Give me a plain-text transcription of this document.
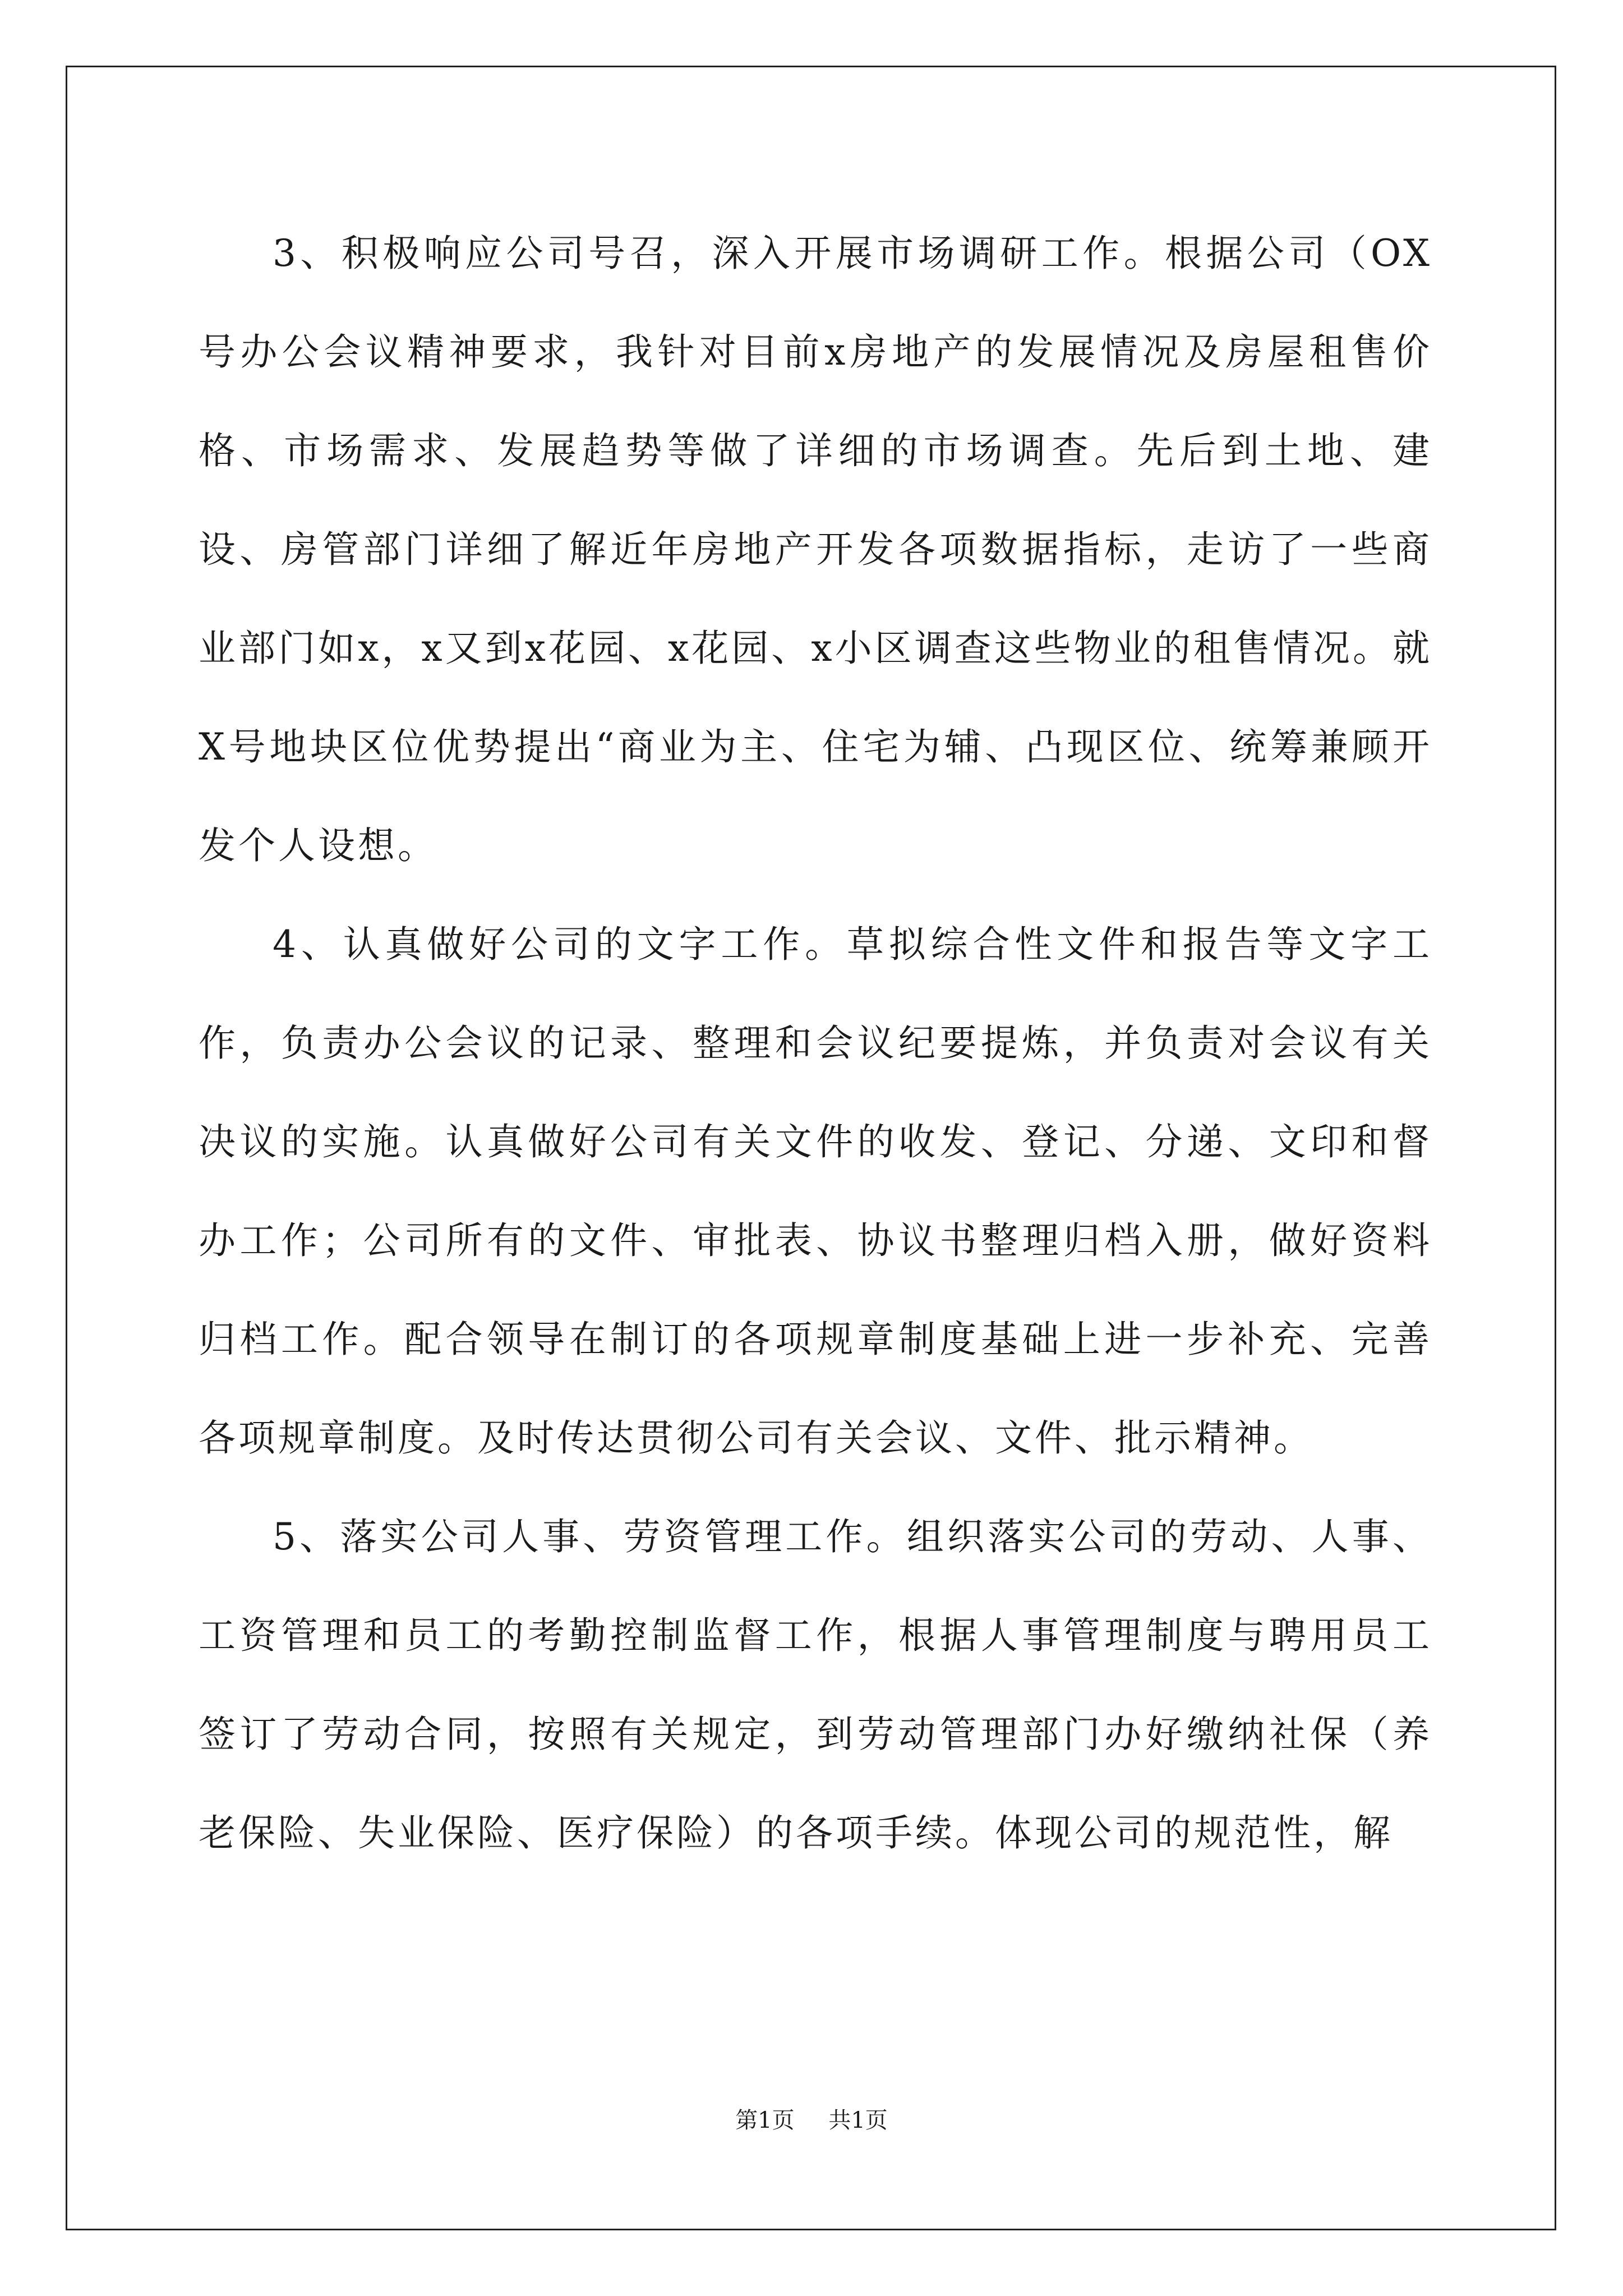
3、积极响应公司号召，深入开展市场调研工作。根据公司（OX号办公会议精神要求，我针对目前x房地产的发展情况及房屋租售价格、市场需求、发展趋势等做了详细的市场调查。先后到土地、建设、房管部门详细了解近年房地产开发各项数据指标，走访了一些商业部门如x，x又到x花园、x花园、x小区调查这些物业的租售情况。就X号地块区位优势提出“商业为主、住宅为辅、凸现区位、统筹兼顾开发个人设想。

4、认真做好公司的文字工作。草拟综合性文件和报告等文字工作，负责办公会议的记录、整理和会议纪要提炼，并负责对会议有关决议的实施。认真做好公司有关文件的收发、登记、分递、文印和督办工作；公司所有的文件、审批表、协议书整理归档入册，做好资料归档工作。配合领导在制订的各项规章制度基础上进一步补充、完善各项规章制度。及时传达贯彻公司有关会议、文件、批示精神。

5、落实公司人事、劳资管理工作。组织落实公司的劳动、人事、工资管理和员工的考勤控制监督工作，根据人事管理制度与聘用员工签订了劳动合同，按照有关规定，到劳动管理部门办好缴纳社保（养老保险、失业保险、医疗保险）的各项手续。体现公司的规范性，解

第1页 共1页
